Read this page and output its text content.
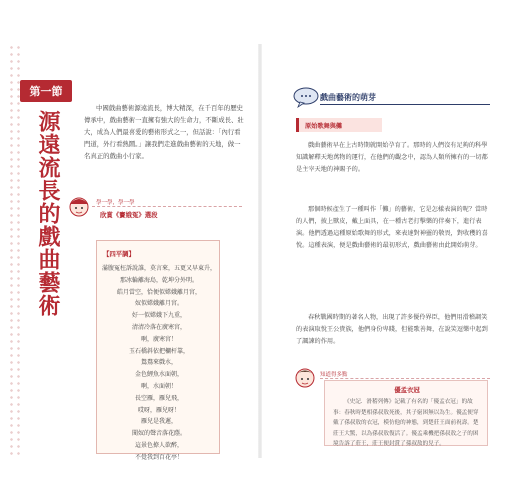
第一節
源遠流長的戲曲藝術

中國戲曲藝術源遠流長，博大精深，在千百年的歷史傳承中，戲曲藝術一直擁有強大的生命力，不斷成長、壯大，成為人們最喜愛的藝術形式之一，但話說：「內行看門道，外行看熱鬧。」讓我們走進戲曲藝術的天地，做一名真正的戲曲小行家。

學一學，學一學
欣賞《竇娥冤》選段
【四平調】
滿腹冤枉訴說誰，莫言來，五更又早東升，
那冰輪離海島，乾坤分外明。
皓月當空，恰便似嫦娥離月宮，
奴似嫦娥離月宮。
好一似嫦娥下九重，
清清冷落在廣寒宮，
啊，廣寒宮！
玉石橋斜依把欄杆靠，
鴛鴦來戲水，
金色鯉魚水面朝，
啊，水面朝！
長空雁，雁兒飛，
哎呀，雁兒呀！
雁兒是我遲，
聞奴的聲音落花蔭。
這景色撩人欲醉，
不覺我到百花亭！
戲曲藝術的萌芽
原始歌舞與儺

戲曲藝術早在上古時期就開始孕育了。那時的人們沒有足夠的科學知識解釋天地萬物的運行，在他們的觀念中，認為人類所擁有的一切都是主宰天地的神賜予的。

那個時候產生了一種叫作「儺」的藝術，它是怎樣表演的呢？當時的人們，披上獸皮，戴上面具，在一種古老打擊樂的伴奏下，進行表演。他們透過這種原始歌舞的形式，來表達對神靈的敬畏，對收穫的喜悅。這種表演，便是戲曲藝術的最初形式，戲曲藝術由此開始萌芽。

春秋戰國時期的著名人物，出現了許多優伶界臣，他們用滑稽調笑的表演取悅王公貴族，他們身份卑賤，但能歌善舞，在說笑逗樂中起到了諷諫的作用。

知道得多點
優孟衣冠

《史記．滑稽列傳》記載了有名的「優孟衣冠」的故事：春秋時楚相孫叔敖死後，其子窮困無以為生。優孟便穿戴了孫叔敖的衣冠，模仿他的神態，到楚莊王面前祝壽。楚莊王大驚，以為孫叔敖復活了。優孟乘機把孫叔敖之子的困境告訴了莊王，莊王便封賞了孫叔敖的兒子。
